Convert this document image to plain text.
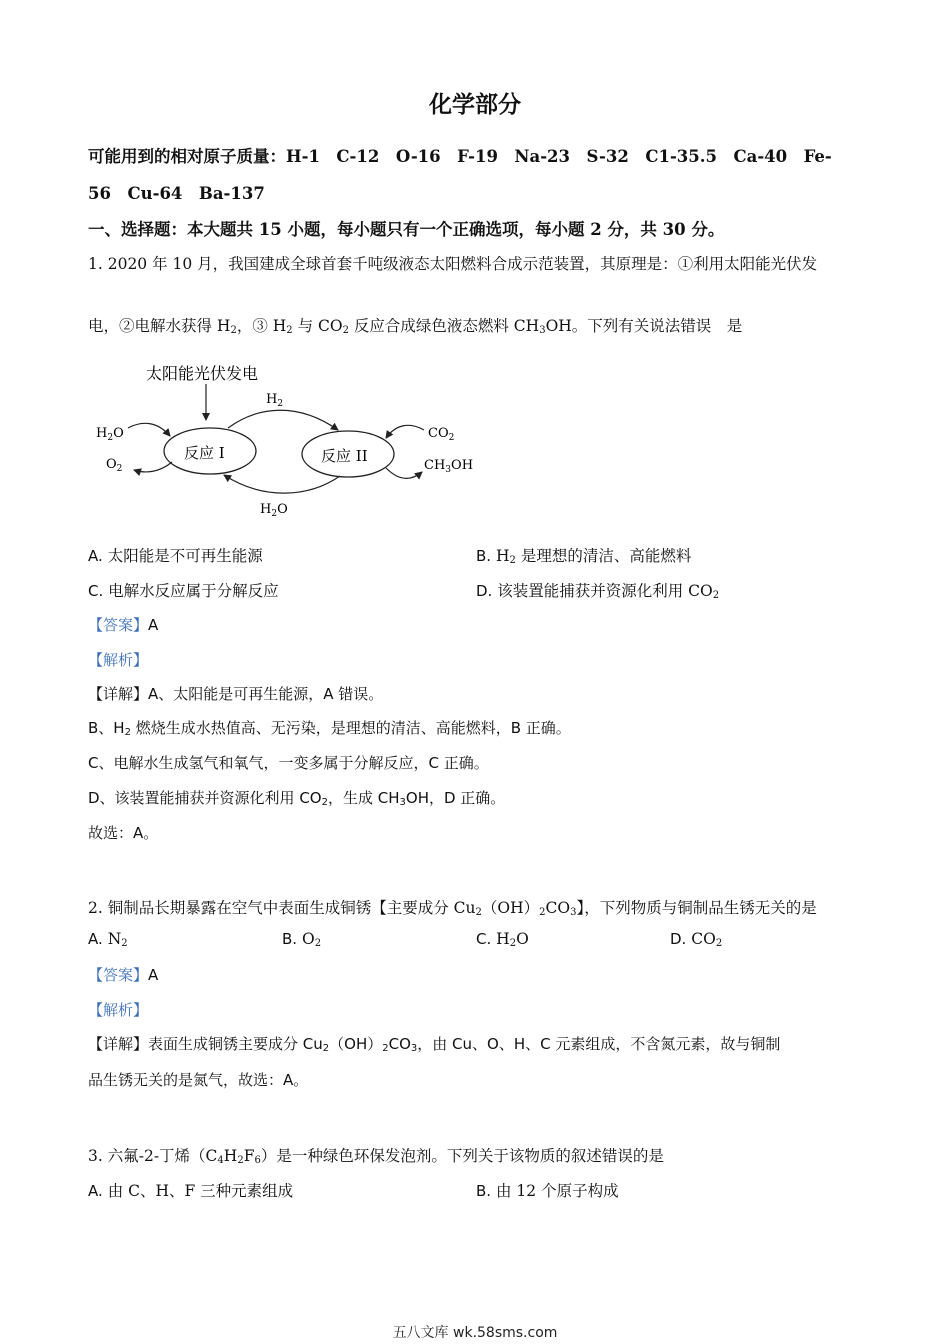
化学部分
可能用到的相对原子质量：H-1　C-12　O-16　F-19　Na-23　S-32　C1-35.5　Ca-40　Fe-
56　Cu-64　Ba-137
一、选择题：本大题共 15 小题，每小题只有一个正确选项，每小题 2 分，共 30 分。
1. 2020 年 10 月，我国建成全球首套千吨级液态太阳燃料合成示范装置，其原理是：①利用太阳能光伏发
电，②电解水获得 $H_2$，③ $H_2$ 与 $CO_2$ 反应合成绿色液态燃料 $CH_3OH$。下列有关说法错误　是
太阳能光伏发电
反应 I	反应 II
$H_2$
$H_2O$
$H_2O$
$O_2$
$CO_2$
$CH_3OH$
A. 太阳能是不可再生能源	B. $H_2$ 是理想的清洁、高能燃料
C. 电解水反应属于分解反应	D. 该装置能捕获并资源化利用 $CO_2$
【答案】A
【解析】
【详解】A、太阳能是可再生能源，A 错误。
B、$H_2$ 燃烧生成水热值高、无污染，是理想的清洁、高能燃料，B 正确。
C、电解水生成氢气和氧气，一变多属于分解反应，C 正确。
D、该装置能捕获并资源化利用 $CO_2$，生成 $CH_3OH$，D 正确。
故选：A。
2. 铜制品长期暴露在空气中表面生成铜锈【主要成分 $Cu_2(OH)_2CO_3$】，下列物质与铜制品生锈无关的是
A. $N_2$	B. $O_2$	C. $H_2O$	D. $CO_2$
【答案】A
【解析】
【详解】表面生成铜锈主要成分 $Cu_2(OH)_2CO_3$，由 Cu、O、H、C 元素组成，不含氮元素，故与铜制
品生锈无关的是氮气，故选：A。
3. 六氟-2-丁烯$(C_4H_2F_6)$是一种绿色环保发泡剂。下列关于该物质的叙述错误的是
A. 由 C、H、F 三种元素组成	B. 由 12 个原子构成
五八文库 wk.58sms.com
